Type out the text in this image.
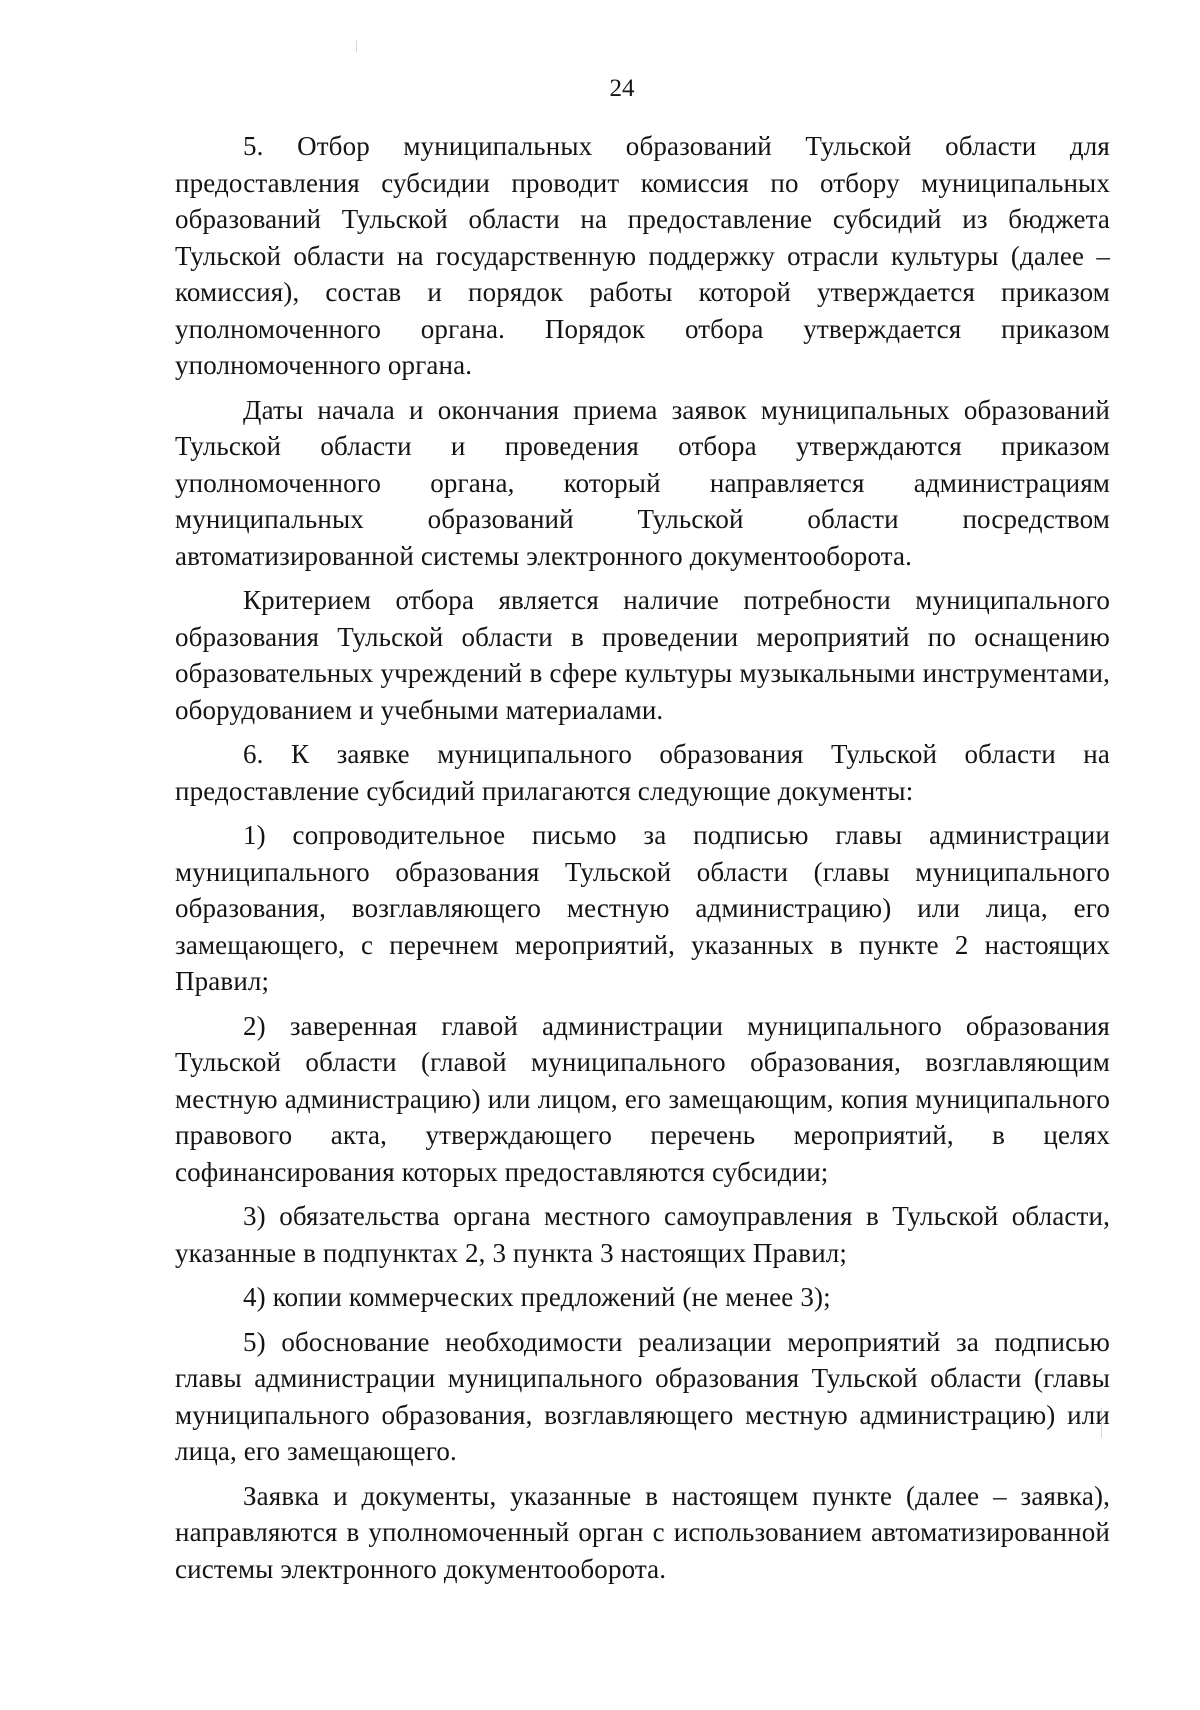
24

5. Отбор муниципальных образований Тульской области для предоставления субсидии проводит комиссия по отбору муниципальных образований Тульской области на предоставление субсидий из бюджета Тульской области на государственную поддержку отрасли культуры (далее – комиссия), состав и порядок работы которой утверждается приказом уполномоченного органа. Порядок отбора утверждается приказом уполномоченного органа.

Даты начала и окончания приема заявок муниципальных образований Тульской области и проведения отбора утверждаются приказом уполномоченного органа, который направляется администрациям муниципальных образований Тульской области посредством автоматизированной системы электронного документооборота.

Критерием отбора является наличие потребности муниципального образования Тульской области в проведении мероприятий по оснащению образовательных учреждений в сфере культуры музыкальными инструментами, оборудованием и учебными материалами.

6. К заявке муниципального образования Тульской области на предоставление субсидий прилагаются следующие документы:

1) сопроводительное письмо за подписью главы администрации муниципального образования Тульской области (главы муниципального образования, возглавляющего местную администрацию) или лица, его замещающего, с перечнем мероприятий, указанных в пункте 2 настоящих Правил;

2) заверенная главой администрации муниципального образования Тульской области (главой муниципального образования, возглавляющим местную администрацию) или лицом, его замещающим, копия муниципального правового акта, утверждающего перечень мероприятий, в целях софинансирования которых предоставляются субсидии;

3) обязательства органа местного самоуправления в Тульской области, указанные в подпунктах 2, 3 пункта 3 настоящих Правил;

4) копии коммерческих предложений (не менее 3);

5) обоснование необходимости реализации мероприятий за подписью главы администрации муниципального образования Тульской области (главы муниципального образования, возглавляющего местную администрацию) или лица, его замещающего.

Заявка и документы, указанные в настоящем пункте (далее – заявка), направляются в уполномоченный орган с использованием автоматизированной системы электронного документооборота.
